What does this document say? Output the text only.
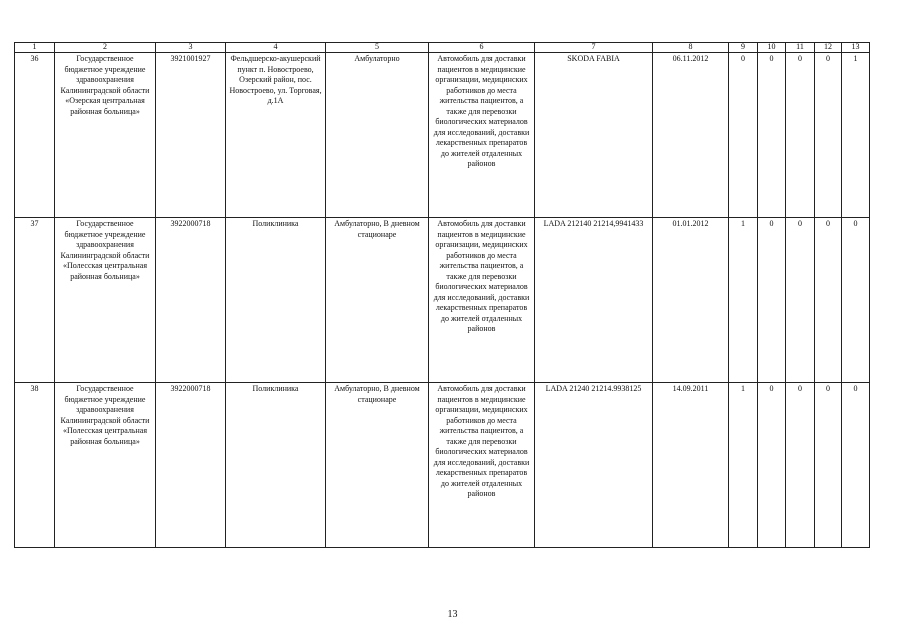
1	2	3	4	5	6	7	8	9	10	11	12	13
36	Государственное бюджетное учреждение здравоохранения Калининградской области «Озерская центральная районная больница»	3921001927	Фельдшерско-акушерский пункт п. Новостроево, Озерский район, пос. Новостроево, ул. Торговая, д.1А	Амбулаторно	Автомобиль для доставки пациентов в медицинские организации, медицинских работников до места жительства пациентов, а также для перевозки биологических материалов для исследований, доставки лекарственных препаратов до жителей отдаленных районов	SKODA FABIA	06.11.2012	0	0	0	0	1
37	Государственное бюджетное учреждение здравоохранения Калининградской области «Полесская центральная районная больница»	3922000718	Поликлиника	Амбулаторно, В дневном стационаре	Автомобиль для доставки пациентов в медицинские организации, медицинских работников до места жительства пациентов, а также для перевозки биологических материалов для исследований, доставки лекарственных препаратов до жителей отдаленных районов	LADA 212140 21214,9941433	01.01.2012	1	0	0	0	0
38	Государственное бюджетное учреждение здравоохранения Калининградской области «Полесская центральная районная больница»	3922000718	Поликлиника	Амбулаторно, В дневном стационаре	Автомобиль для доставки пациентов в медицинские организации, медицинских работников до места жительства пациентов, а также для перевозки биологических материалов для исследований, доставки лекарственных препаратов до жителей отдаленных районов	LADA 21240 21214.9938125	14.09.2011	1	0	0	0	0
13
